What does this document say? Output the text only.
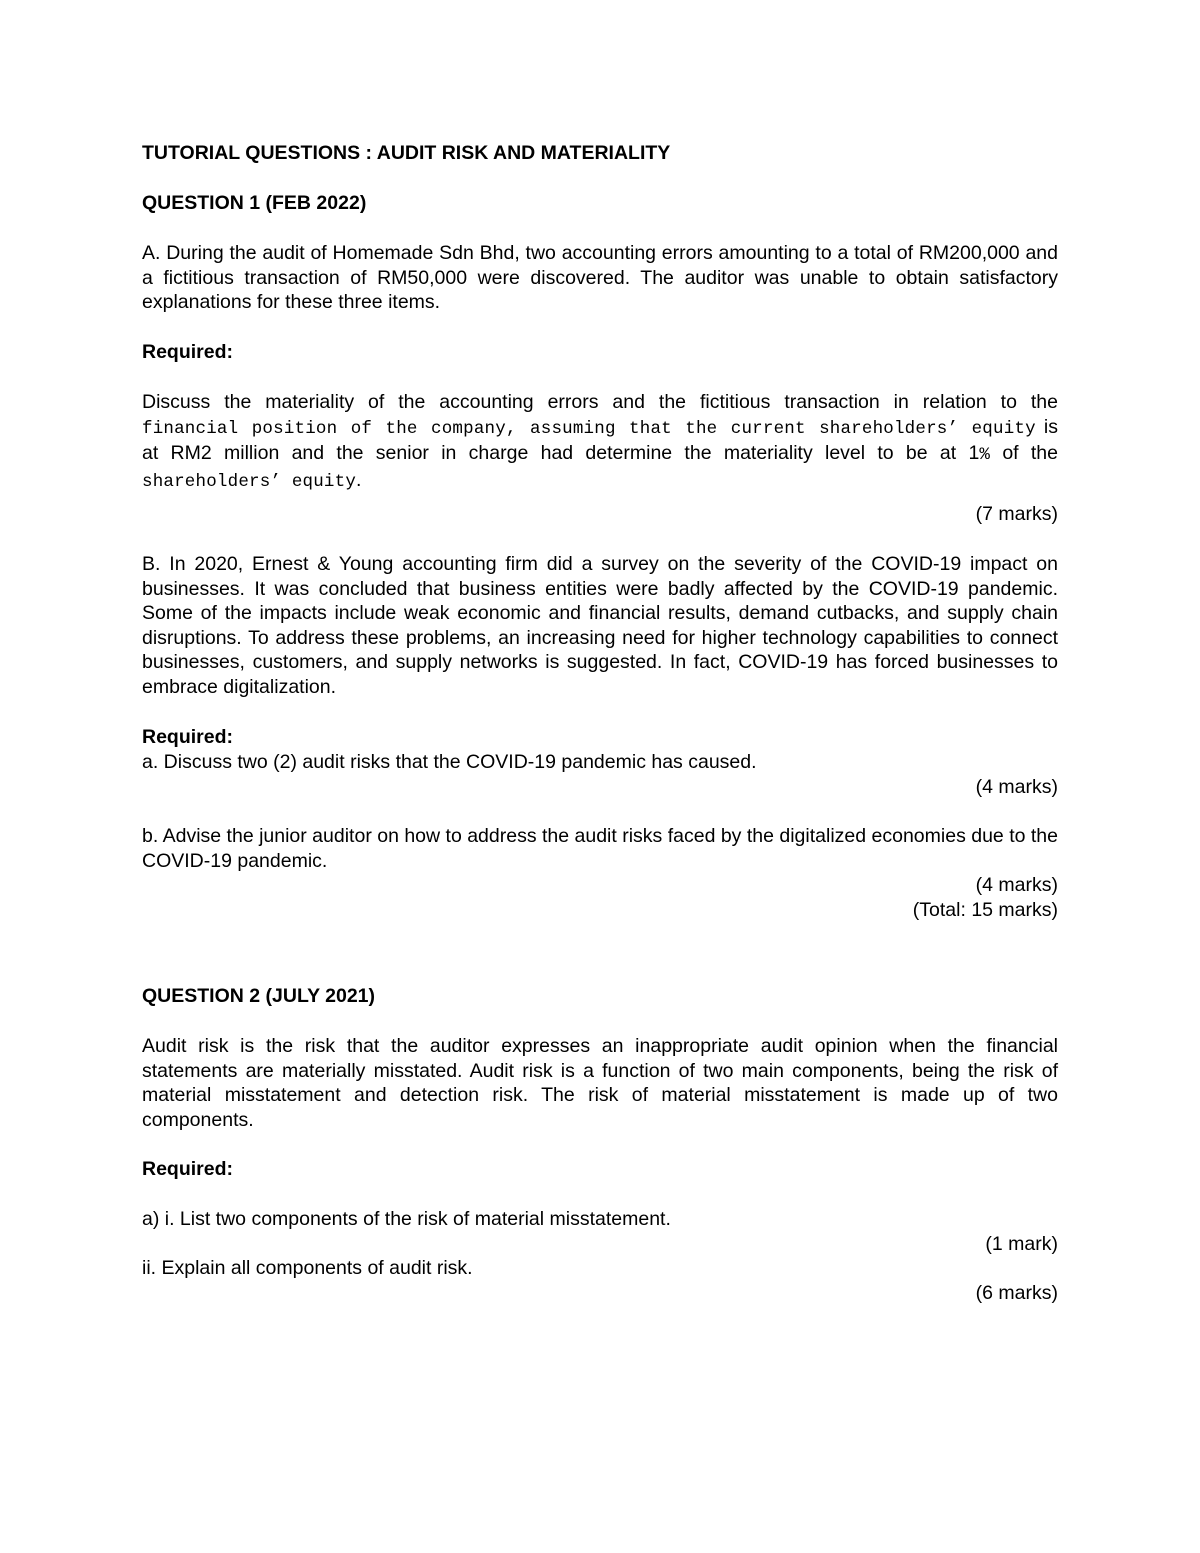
TUTORIAL QUESTIONS : AUDIT RISK AND MATERIALITY

QUESTION 1 (FEB 2022)

A. During the audit of Homemade Sdn Bhd, two accounting errors amounting to a total of RM200,000 and a fictitious transaction of RM50,000 were discovered. The auditor was unable to obtain satisfactory explanations for these three items.

Required:

Discuss the materiality of the accounting errors and the fictitious transaction in relation to the
financial position of the company, assuming that the current shareholders’ equity is
at RM2 million and the senior in charge had determine the materiality level to be at 1% of the
shareholders’ equity.

(7 marks)

B. In 2020, Ernest & Young accounting firm did a survey on the severity of the COVID-19 impact on businesses. It was concluded that business entities were badly affected by the COVID-19 pandemic. Some of the impacts include weak economic and financial results, demand cutbacks, and supply chain disruptions. To address these problems, an increasing need for higher technology capabilities to connect businesses, customers, and supply networks is suggested. In fact, COVID-19 has forced businesses to embrace digitalization.

Required:

a. Discuss two (2) audit risks that the COVID-19 pandemic has caused.

(4 marks)

b. Advise the junior auditor on how to address the audit risks faced by the digitalized economies due to the COVID-19 pandemic.

(4 marks)

(Total: 15 marks)

QUESTION 2 (JULY 2021)

Audit risk is the risk that the auditor expresses an inappropriate audit opinion when the financial statements are materially misstated. Audit risk is a function of two main components, being the risk of material misstatement and detection risk. The risk of material misstatement is made up of two components.

Required:

a) i. List two components of the risk of material misstatement.

(1 mark)

ii. Explain all components of audit risk.

(6 marks)
